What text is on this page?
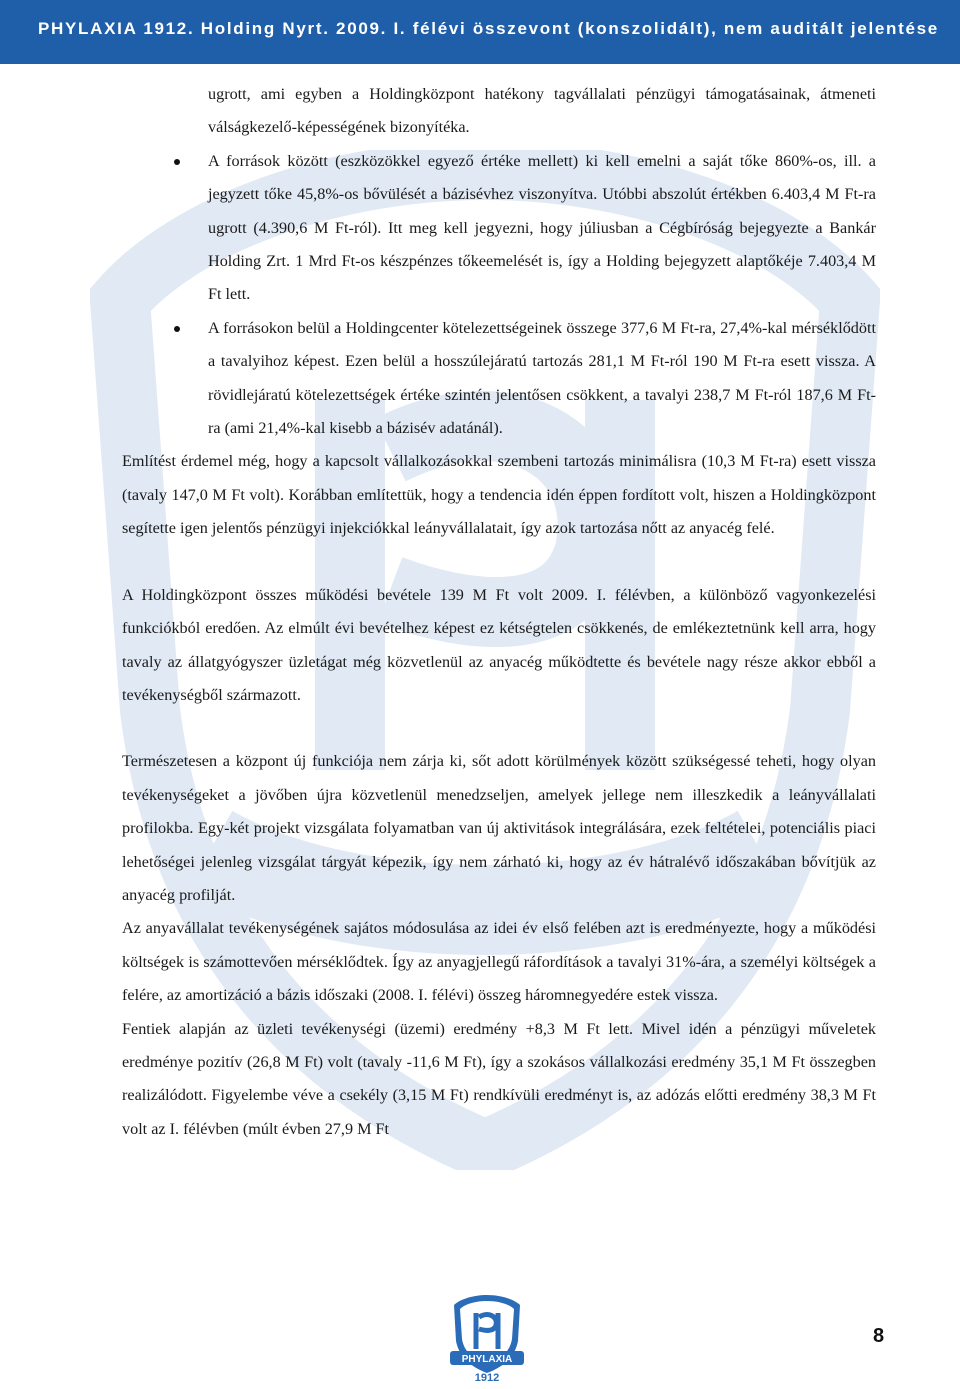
PHYLAXIA 1912. Holding Nyrt. 2009. I. félévi összevont (konszolidált), nem auditált jelentése
ugrott, ami egyben a Holdingközpont hatékony tagvállalati pénzügyi támogatásainak, átmeneti válságkezelő-képességének bizonyítéka.
A források között (eszközökkel egyező értéke mellett) ki kell emelni a saját tőke 860%-os, ill. a jegyzett tőke 45,8%-os bővülését a bázisévhez viszonyítva. Utóbbi abszolút értékben 6.403,4 M Ft-ra ugrott (4.390,6 M Ft-ról). Itt meg kell jegyezni, hogy júliusban a Cégbíróság bejegyezte a Bankár Holding Zrt. 1 Mrd Ft-os készpénzes tőkeemelését is, így a Holding bejegyzett alaptőkéje 7.403,4 M Ft lett.
A forrásokon belül a Holdingcenter kötelezettségeinek összege 377,6 M Ft-ra, 27,4%-kal mérséklődött a tavalyihoz képest. Ezen belül a hosszúlejáratú tartozás 281,1 M Ft-ról 190 M Ft-ra esett vissza. A rövidlejáratú kötelezettségek értéke szintén jelentősen csökkent, a tavalyi 238,7 M Ft-ról 187,6 M Ft-ra (ami 21,4%-kal kisebb a bázisév adatánál).

Említést érdemel még, hogy a kapcsolt vállalkozásokkal szembeni tartozás minimálisra (10,3 M Ft-ra) esett vissza (tavaly 147,0 M Ft volt). Korábban említettük, hogy a tendencia idén éppen fordított volt, hiszen a Holdingközpont segítette igen jelentős pénzügyi injekciókkal leányvállalatait, így azok tartozása nőtt az anyacég felé.

A Holdingközpont összes működési bevétele 139 M Ft volt 2009. I. félévben, a különböző vagyonkezelési funkciókból eredően. Az elmúlt évi bevételhez képest ez kétségtelen csökkenés, de emlékeztetnünk kell arra, hogy tavaly az állatgyógyszer üzletágat még közvetlenül az anyacég működtette és bevétele nagy része akkor ebből a tevékenységből származott.

Természetesen a központ új funkciója nem zárja ki, sőt adott körülmények között szükségessé teheti, hogy olyan tevékenységeket a jövőben újra közvetlenül menedzseljen, amelyek jellege nem illeszkedik a leányvállalati profilokba. Egy-két projekt vizsgálata folyamatban van új aktivitások integrálására, ezek feltételei, potenciális piaci lehetőségei jelenleg vizsgálat tárgyát képezik, így nem zárható ki, hogy az év hátralévő időszakában bővítjük az anyacég profilját.

Az anyavállalat tevékenységének sajátos módosulása az idei év első felében azt is eredményezte, hogy a működési költségek is számottevően mérséklődtek. Így az anyagjellegű ráfordítások a tavalyi 31%-ára, a személyi költségek a felére, az amortizáció a bázis időszaki (2008. I. félévi) összeg háromnegyedére estek vissza.

Fentiek alapján az üzleti tevékenységi (üzemi) eredmény +8,3 M Ft lett. Mivel idén a pénzügyi műveletek eredménye pozitív (26,8 M Ft) volt (tavaly -11,6 M Ft), így a szokásos vállalkozási eredmény 35,1 M Ft összegben realizálódott. Figyelembe véve a csekély (3,15 M Ft) rendkívüli eredményt is, az adózás előtti eredmény 38,3 M Ft volt az I. félévben (múlt évben 27,9 M Ft

PHYLAXIA
1912
8
